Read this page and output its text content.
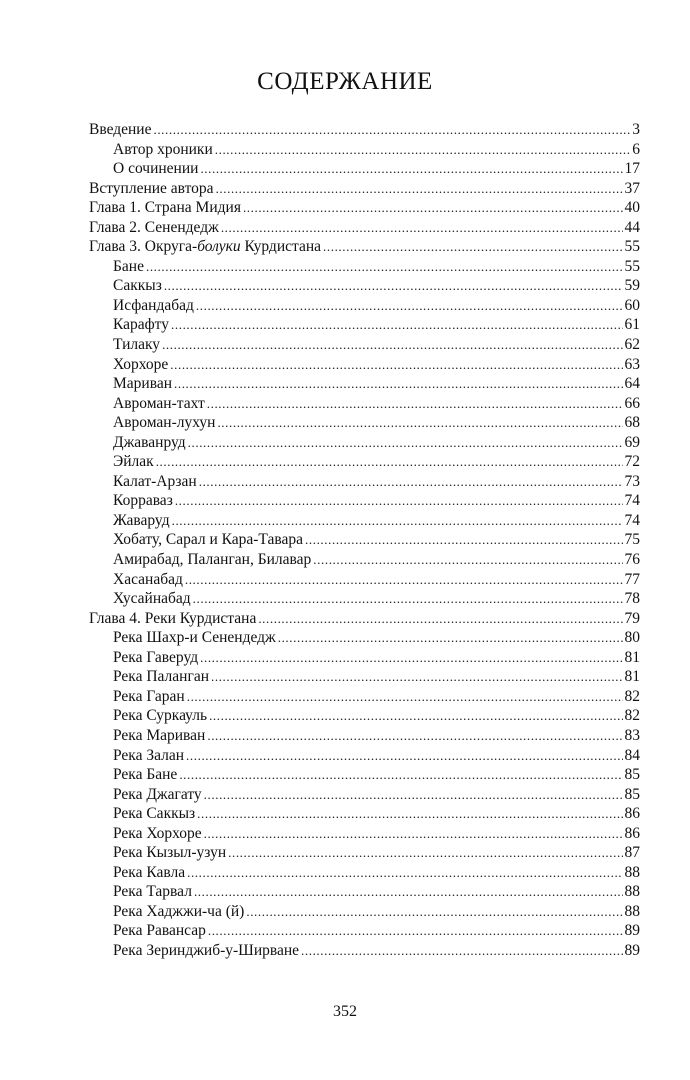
СОДЕРЖАНИЕ
Введение .....	3
Автор хроники .....	6
О сочинении .....	17
Вступление автора .....	37
Глава 1. Страна Мидия .....	40
Глава 2. Сенендедж .....	44
Глава 3. Округа-болуки Курдистана .....	55
Бане .....	55
Саккыз .....	59
Исфандабад .....	60
Карафту .....	61
Тилаку .....	62
Хорхоре .....	63
Мариван .....	64
Авроман-тахт .....	66
Авроман-лухун .....	68
Джаванруд .....	69
Эйлак .....	72
Калат-Арзан .....	73
Корраваз .....	74
Жаваруд .....	74
Хобату, Сарал и Кара-Тавара .....	75
Амирабад, Паланган, Билавар .....	76
Хасанабад .....	77
Хусайнабад .....	78
Глава 4. Реки Курдистана .....	79
Река Шахр-и Сенендедж .....	80
Река Гаверуд .....	81
Река Паланган .....	81
Река Гаран .....	82
Река Суркауль .....	82
Река Мариван .....	83
Река Залан .....	84
Река Бане .....	85
Река Джагату .....	85
Река Саккыз .....	86
Река Хорхоре .....	86
Река Кызыл-узун .....	87
Река Кавла .....	88
Река Тарвал .....	88
Река Хаджжи-ча (й) .....	88
Река Равансар .....	89
Река Зеринджиб-у-Ширване .....	89
352
